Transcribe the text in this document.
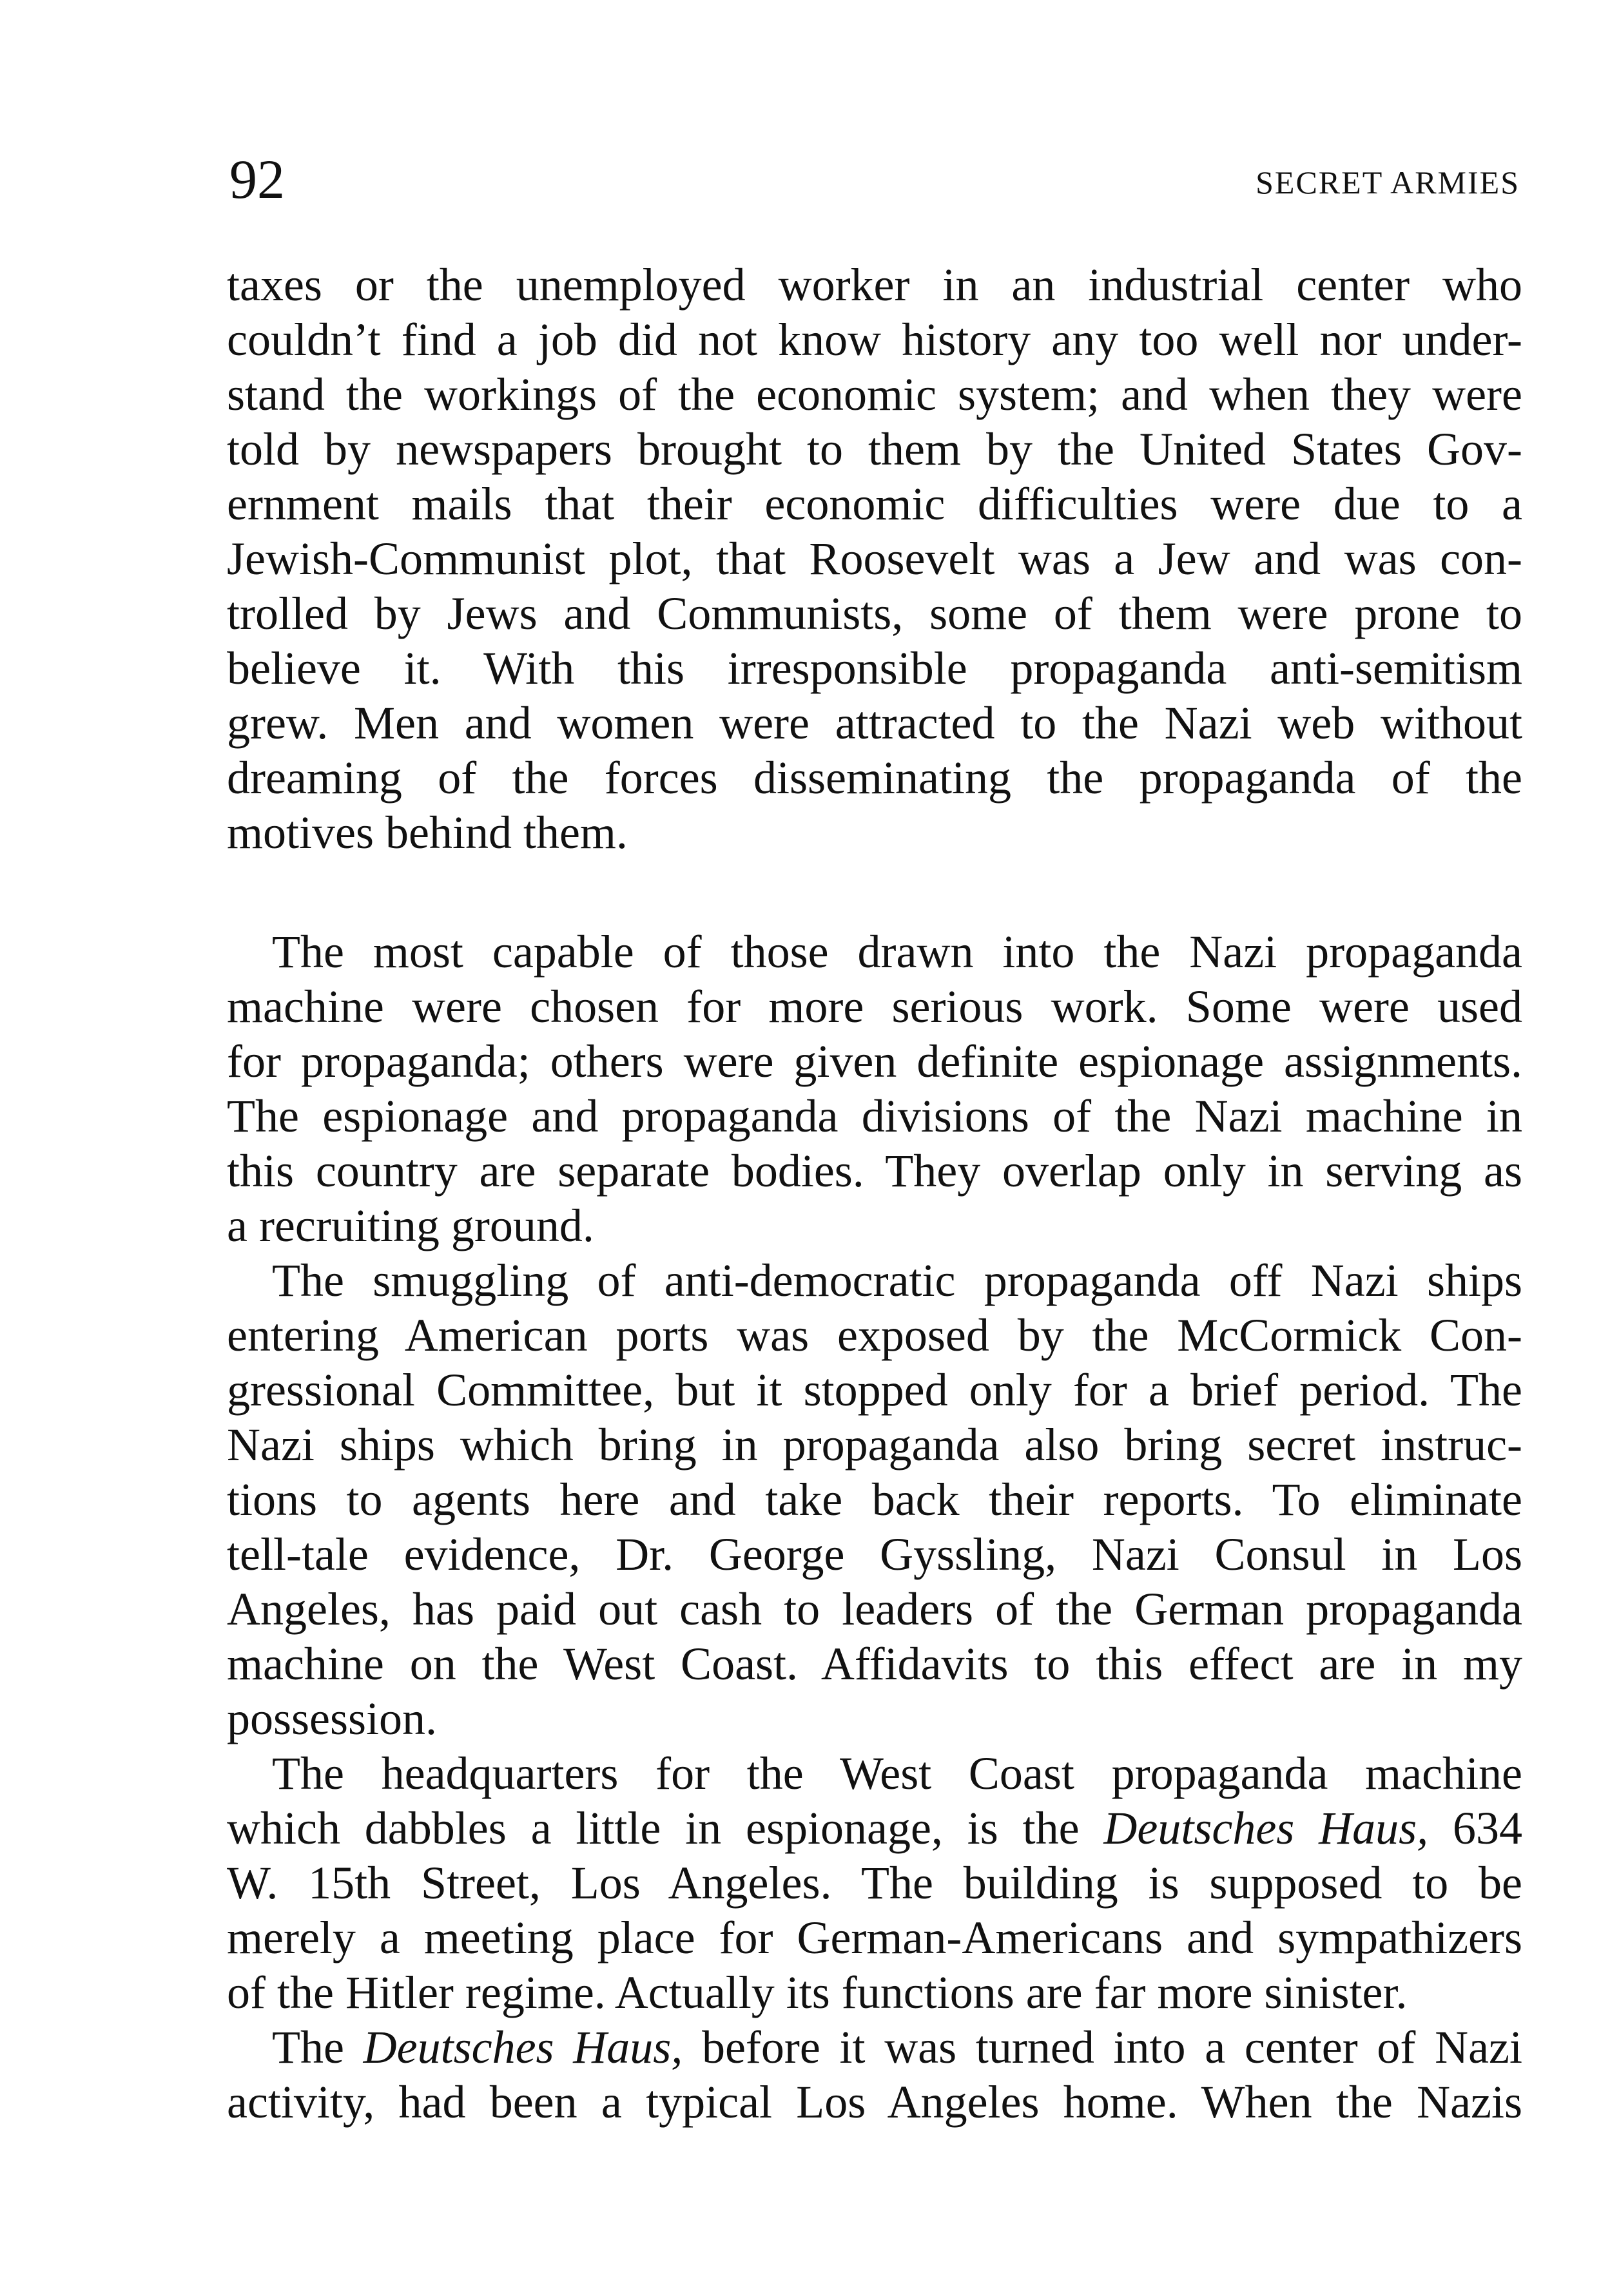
92	SECRET ARMIES
taxes or the unemployed worker in an industrial center who
couldn’t find a job did not know history any too well nor under-
stand the workings of the economic system; and when they were
told by newspapers brought to them by the United States Gov-
ernment mails that their economic difficulties were due to a
Jewish-Communist plot, that Roosevelt was a Jew and was con-
trolled by Jews and Communists, some of them were prone to
believe it. With this irresponsible propaganda anti-semitism
grew. Men and women were attracted to the Nazi web without
dreaming of the forces disseminating the propaganda of the
motives behind them.
The most capable of those drawn into the Nazi propaganda
machine were chosen for more serious work. Some were used
for propaganda; others were given definite espionage assignments.
The espionage and propaganda divisions of the Nazi machine in
this country are separate bodies. They overlap only in serving as
a recruiting ground.
The smuggling of anti-democratic propaganda off Nazi ships
entering American ports was exposed by the McCormick Con-
gressional Committee, but it stopped only for a brief period. The
Nazi ships which bring in propaganda also bring secret instruc-
tions to agents here and take back their reports. To eliminate
tell-tale evidence, Dr. George Gyssling, Nazi Consul in Los
Angeles, has paid out cash to leaders of the German propaganda
machine on the West Coast. Affidavits to this effect are in my
possession.
The headquarters for the West Coast propaganda machine
which dabbles a little in espionage, is the Deutsches Haus, 634
W. 15th Street, Los Angeles. The building is supposed to be
merely a meeting place for German-Americans and sympathizers
of the Hitler regime. Actually its functions are far more sinister.
The Deutsches Haus, before it was turned into a center of Nazi
activity, had been a typical Los Angeles home. When the Nazis
